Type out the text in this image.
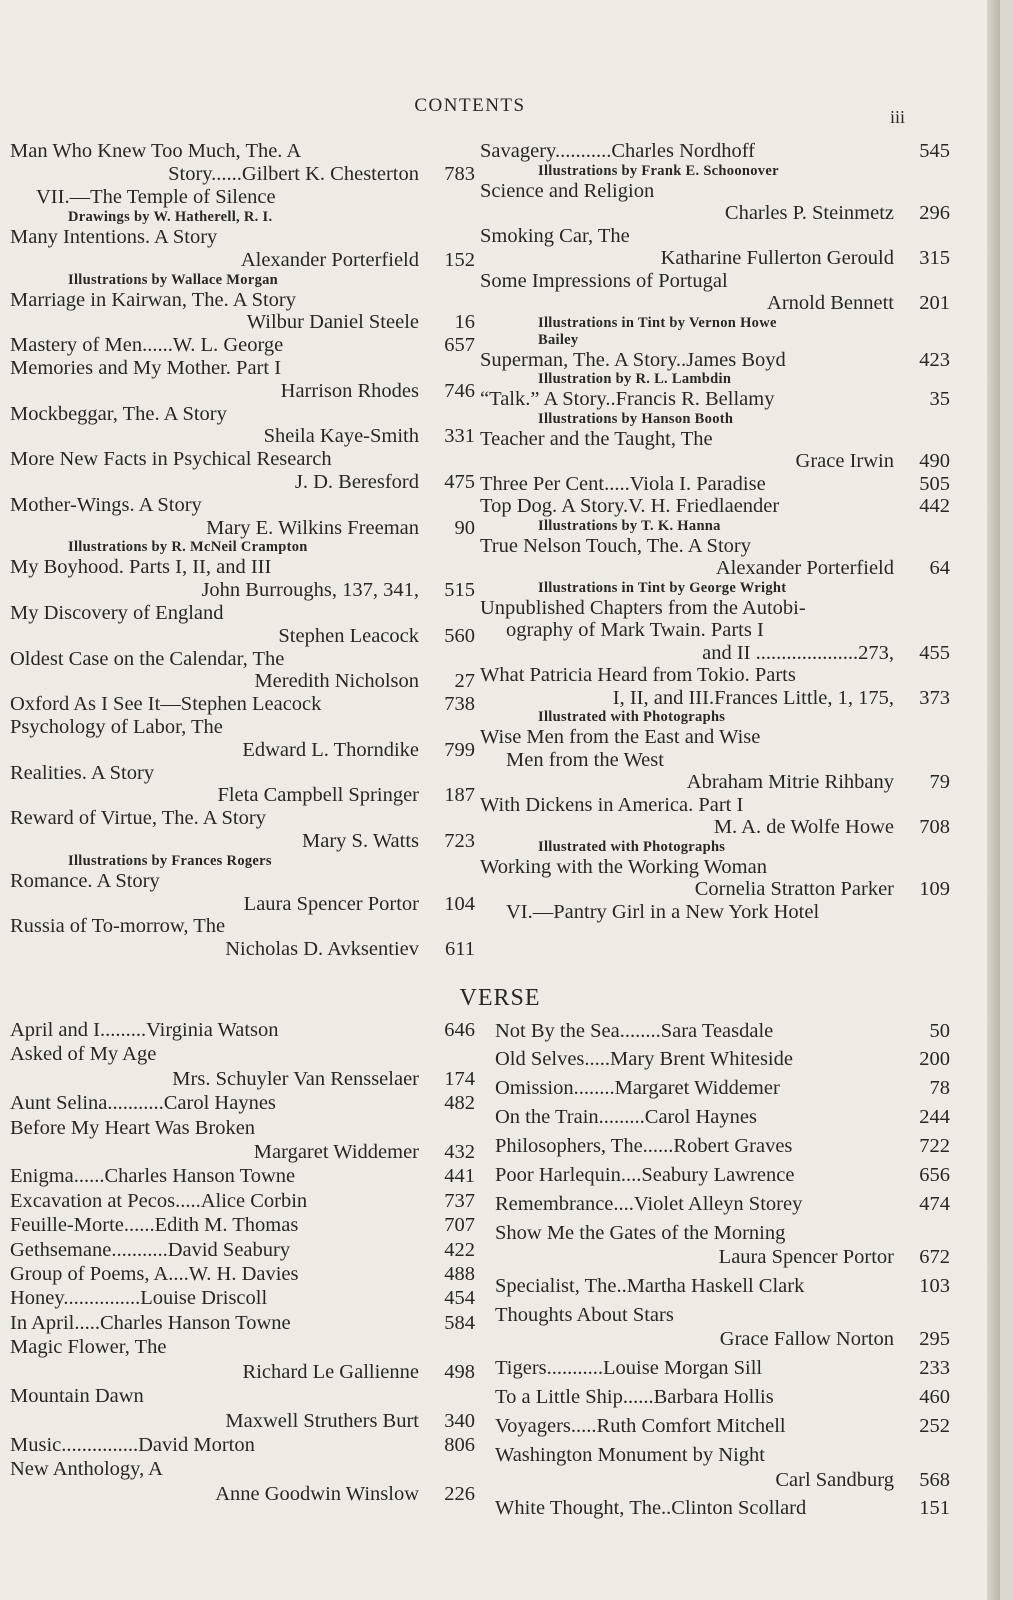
CONTENTS
iii
Man Who Knew Too Much, The. A
Story......Gilbert K. Chesterton	783
VII.—The Temple of Silence
Drawings by W. Hatherell, R. I.
Many Intentions. A Story
Alexander Porterfield	152
Illustrations by Wallace Morgan
Marriage in Kairwan, The. A Story
Wilbur Daniel Steele	16
Mastery of Men......W. L. George	657
Memories and My Mother. Part I
Harrison Rhodes	746
Mockbeggar, The. A Story
Sheila Kaye-Smith	331
More New Facts in Psychical Research
J. D. Beresford	475
Mother-Wings. A Story
Mary E. Wilkins Freeman	90
Illustrations by R. McNeil Crampton
My Boyhood. Parts I, II, and III
John Burroughs, 137, 341,	515
My Discovery of England
Stephen Leacock	560
Oldest Case on the Calendar, The
Meredith Nicholson	27
Oxford As I See It—Stephen Leacock	738
Psychology of Labor, The
Edward L. Thorndike	799
Realities. A Story
Fleta Campbell Springer	187
Reward of Virtue, The. A Story
Mary S. Watts	723
Illustrations by Frances Rogers
Romance. A Story
Laura Spencer Portor	104
Russia of To-morrow, The
Nicholas D. Avksentiev	611
Savagery...........Charles Nordhoff	545
Illustrations by Frank E. Schoonover
Science and Religion
Charles P. Steinmetz	296
Smoking Car, The
Katharine Fullerton Gerould	315
Some Impressions of Portugal
Arnold Bennett	201
Illustrations in Tint by Vernon Howe
Bailey
Superman, The. A Story..James Boyd	423
Illustration by R. L. Lambdin
“Talk.” A Story..Francis R. Bellamy	35
Illustrations by Hanson Booth
Teacher and the Taught, The
Grace Irwin	490
Three Per Cent.....Viola I. Paradise	505
Top Dog. A Story.V. H. Friedlaender	442
Illustrations by T. K. Hanna
True Nelson Touch, The. A Story
Alexander Porterfield	64
Illustrations in Tint by George Wright
Unpublished Chapters from the Autobi-
ography of Mark Twain. Parts I
and II ....................273,	455
What Patricia Heard from Tokio. Parts
I, II, and III.Frances Little, 1, 175,	373
Illustrated with Photographs
Wise Men from the East and Wise
Men from the West
Abraham Mitrie Rihbany	79
With Dickens in America. Part I
M. A. de Wolfe Howe	708
Illustrated with Photographs
Working with the Working Woman
Cornelia Stratton Parker	109
VI.—Pantry Girl in a New York Hotel
VERSE
April and I.........Virginia Watson	646
Asked of My Age
Mrs. Schuyler Van Rensselaer	174
Aunt Selina...........Carol Haynes	482
Before My Heart Was Broken
Margaret Widdemer	432
Enigma......Charles Hanson Towne	441
Excavation at Pecos.....Alice Corbin	737
Feuille-Morte......Edith M. Thomas	707
Gethsemane...........David Seabury	422
Group of Poems, A....W. H. Davies	488
Honey...............Louise Driscoll	454
In April.....Charles Hanson Towne	584
Magic Flower, The
Richard Le Gallienne	498
Mountain Dawn
Maxwell Struthers Burt	340
Music...............David Morton	806
New Anthology, A
Anne Goodwin Winslow	226
Not By the Sea........Sara Teasdale	50
Old Selves.....Mary Brent Whiteside	200
Omission........Margaret Widdemer	78
On the Train.........Carol Haynes	244
Philosophers, The......Robert Graves	722
Poor Harlequin....Seabury Lawrence	656
Remembrance....Violet Alleyn Storey	474
Show Me the Gates of the Morning
Laura Spencer Portor	672
Specialist, The..Martha Haskell Clark	103
Thoughts About Stars
Grace Fallow Norton	295
Tigers...........Louise Morgan Sill	233
To a Little Ship......Barbara Hollis	460
Voyagers.....Ruth Comfort Mitchell	252
Washington Monument by Night
Carl Sandburg	568
White Thought, The..Clinton Scollard	151
